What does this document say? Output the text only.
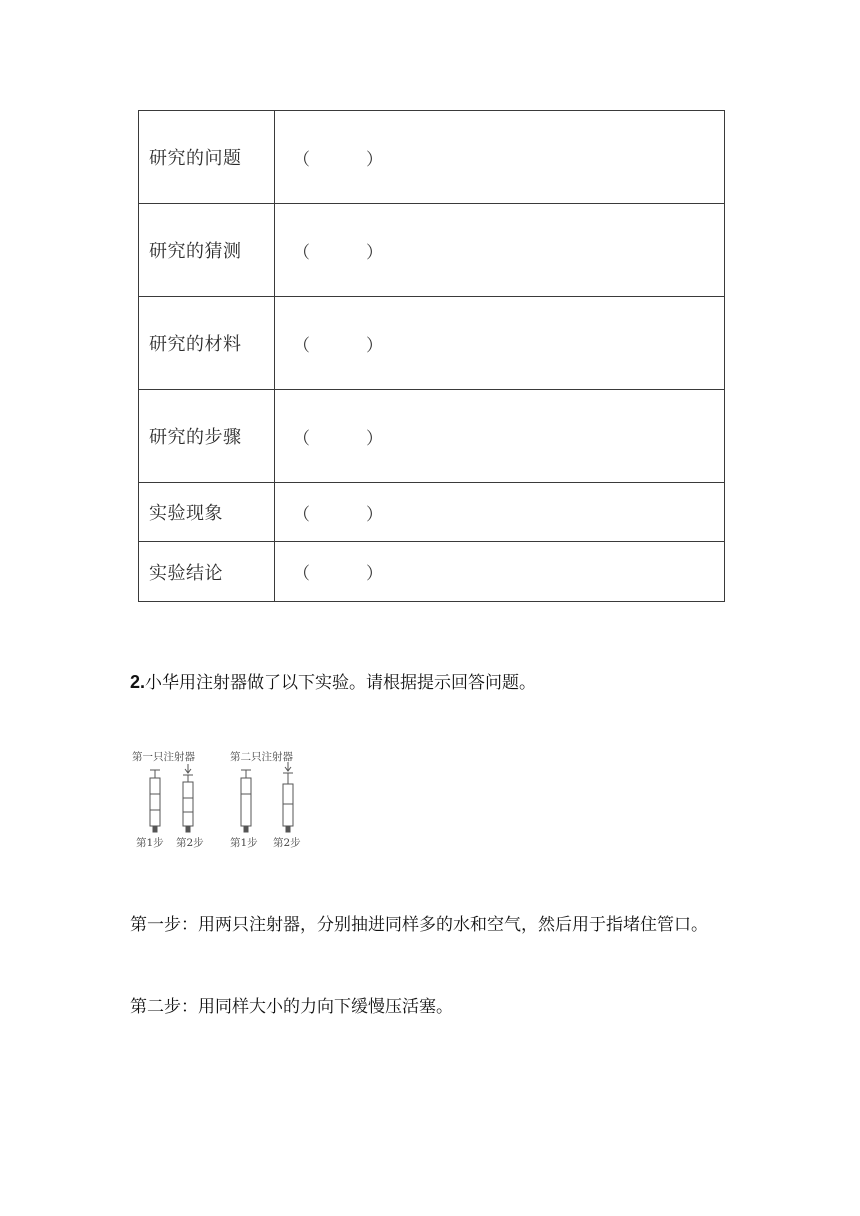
研究的问题	（ ）
研究的猜测	（ ）
研究的材料	（ ）
研究的步骤	（ ）
实验现象	（ ）
实验结论	（ ）
2.小华用注射器做了以下实验。请根据提示回答问题。
第一只注射器	第二只注射器
第1步 第2步	第1步 第2步
第一步：用两只注射器，分别抽进同样多的水和空气，然后用于指堵住管口。
第二步：用同样大小的力向下缓慢压活塞。
